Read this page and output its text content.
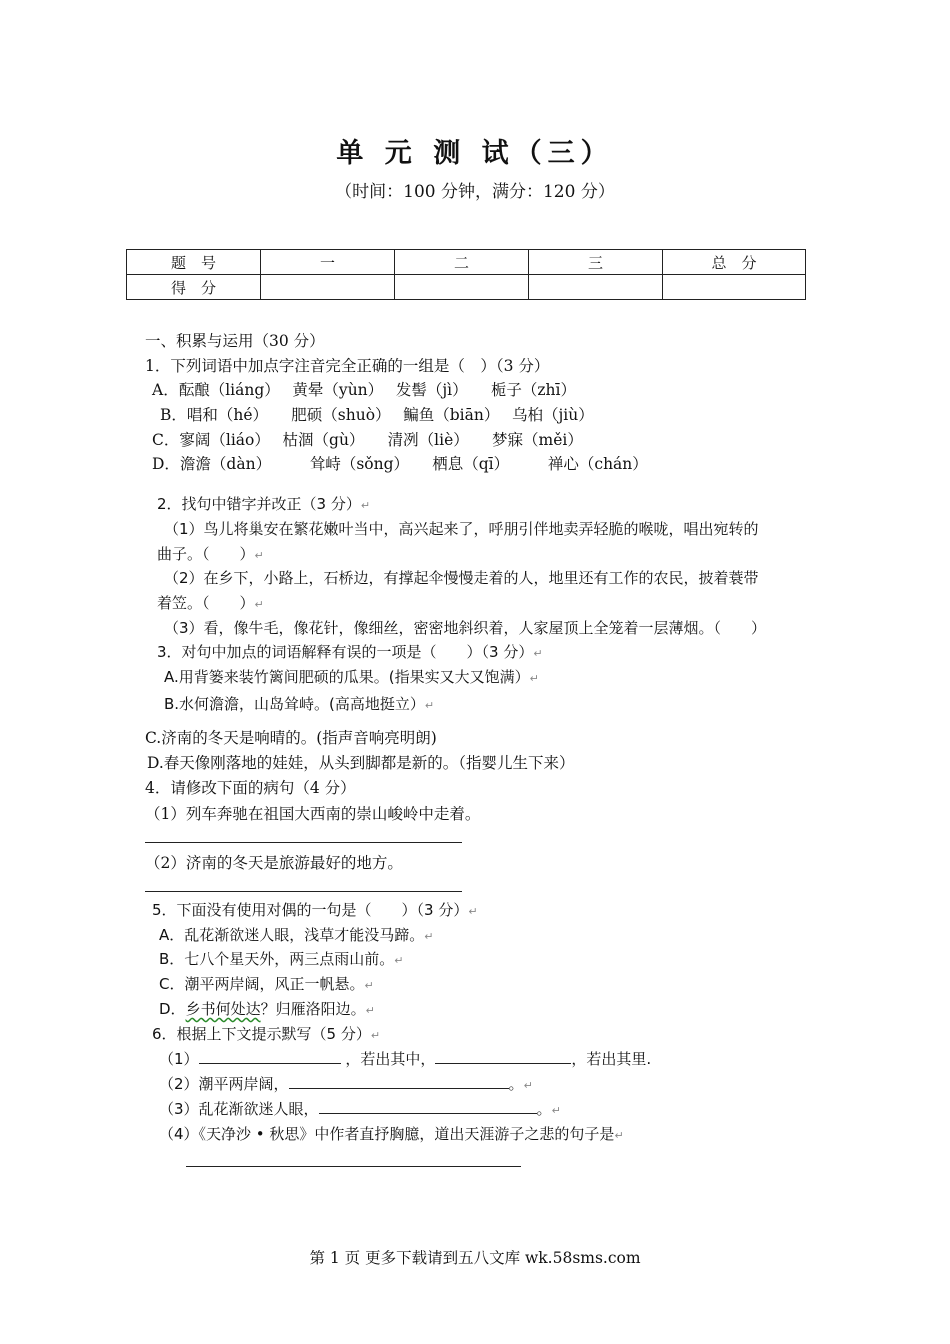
单 元 测 试（三）
（时间：100 分钟，满分：120 分）
题　号	一	二	三	总　分
得　分				
一、积累与运用（30 分）
1．下列词语中加点字注音完全正确的一组是（　）（3 分）
A．酝酿（liáng）　 黄晕（yùn）　 发髻（jì）　　栀子（zhī）
B．唱和（hé）　　肥硕（shuò）　 鳊鱼（biān）　 乌桕（jiù）
C．寥阔（liáo）　 枯涸（gù）　　清冽（liè）　　梦寐（měi）
D．澹澹（dàn）　　　耸峙（sǒng）　　栖息（qī）　　　禅心（chán）
2．找句中错字并改正（3 分）↵
（1）鸟儿将巢安在繁花嫩叶当中，高兴起来了，呼朋引伴地卖弄轻脆的喉咙，唱出宛转的
曲子。（　　）↵
（2）在乡下，小路上，石桥边，有撑起伞慢慢走着的人，地里还有工作的农民，披着蓑带
着笠。（　　）↵
（3）看，像牛毛，像花针，像细丝，密密地斜织着，人家屋顶上全笼着一层薄烟。（　　）
3．对句中加点的词语解释有误的一项是（　　）（3 分）↵
A.用背篓来装竹篱间肥硕的瓜果。(指果实又大又饱满）↵
B.水何澹澹，山岛耸峙。(高高地挺立）↵
C.济南的冬天是响晴的。(指声音响亮明朗)
D.春天像刚落地的娃娃，从头到脚都是新的。（指婴儿生下来）
4．请修改下面的病句（4 分）
（1）列车奔驰在祖国大西南的崇山峻岭中走着。
（2）济南的冬天是旅游最好的地方。
5．下面没有使用对偶的一句是（　　）（3 分）↵
A．乱花渐欲迷人眼，浅草才能没马蹄。↵
B．七八个星天外，两三点雨山前。↵
C．潮平两岸阔，风正一帆悬。↵
D．乡书何处达？归雁洛阳边。↵
6．根据上下文提示默写（5 分）↵
（1）	，若出其中，	，若出其里.
（2）潮平两岸阔，	。↵
（3）乱花渐欲迷人眼，	。↵
（4）《天净沙 • 秋思》中作者直抒胸臆，道出天涯游子之悲的句子是↵
第 1 页 更多下载请到五八文库 wk.58sms.com
